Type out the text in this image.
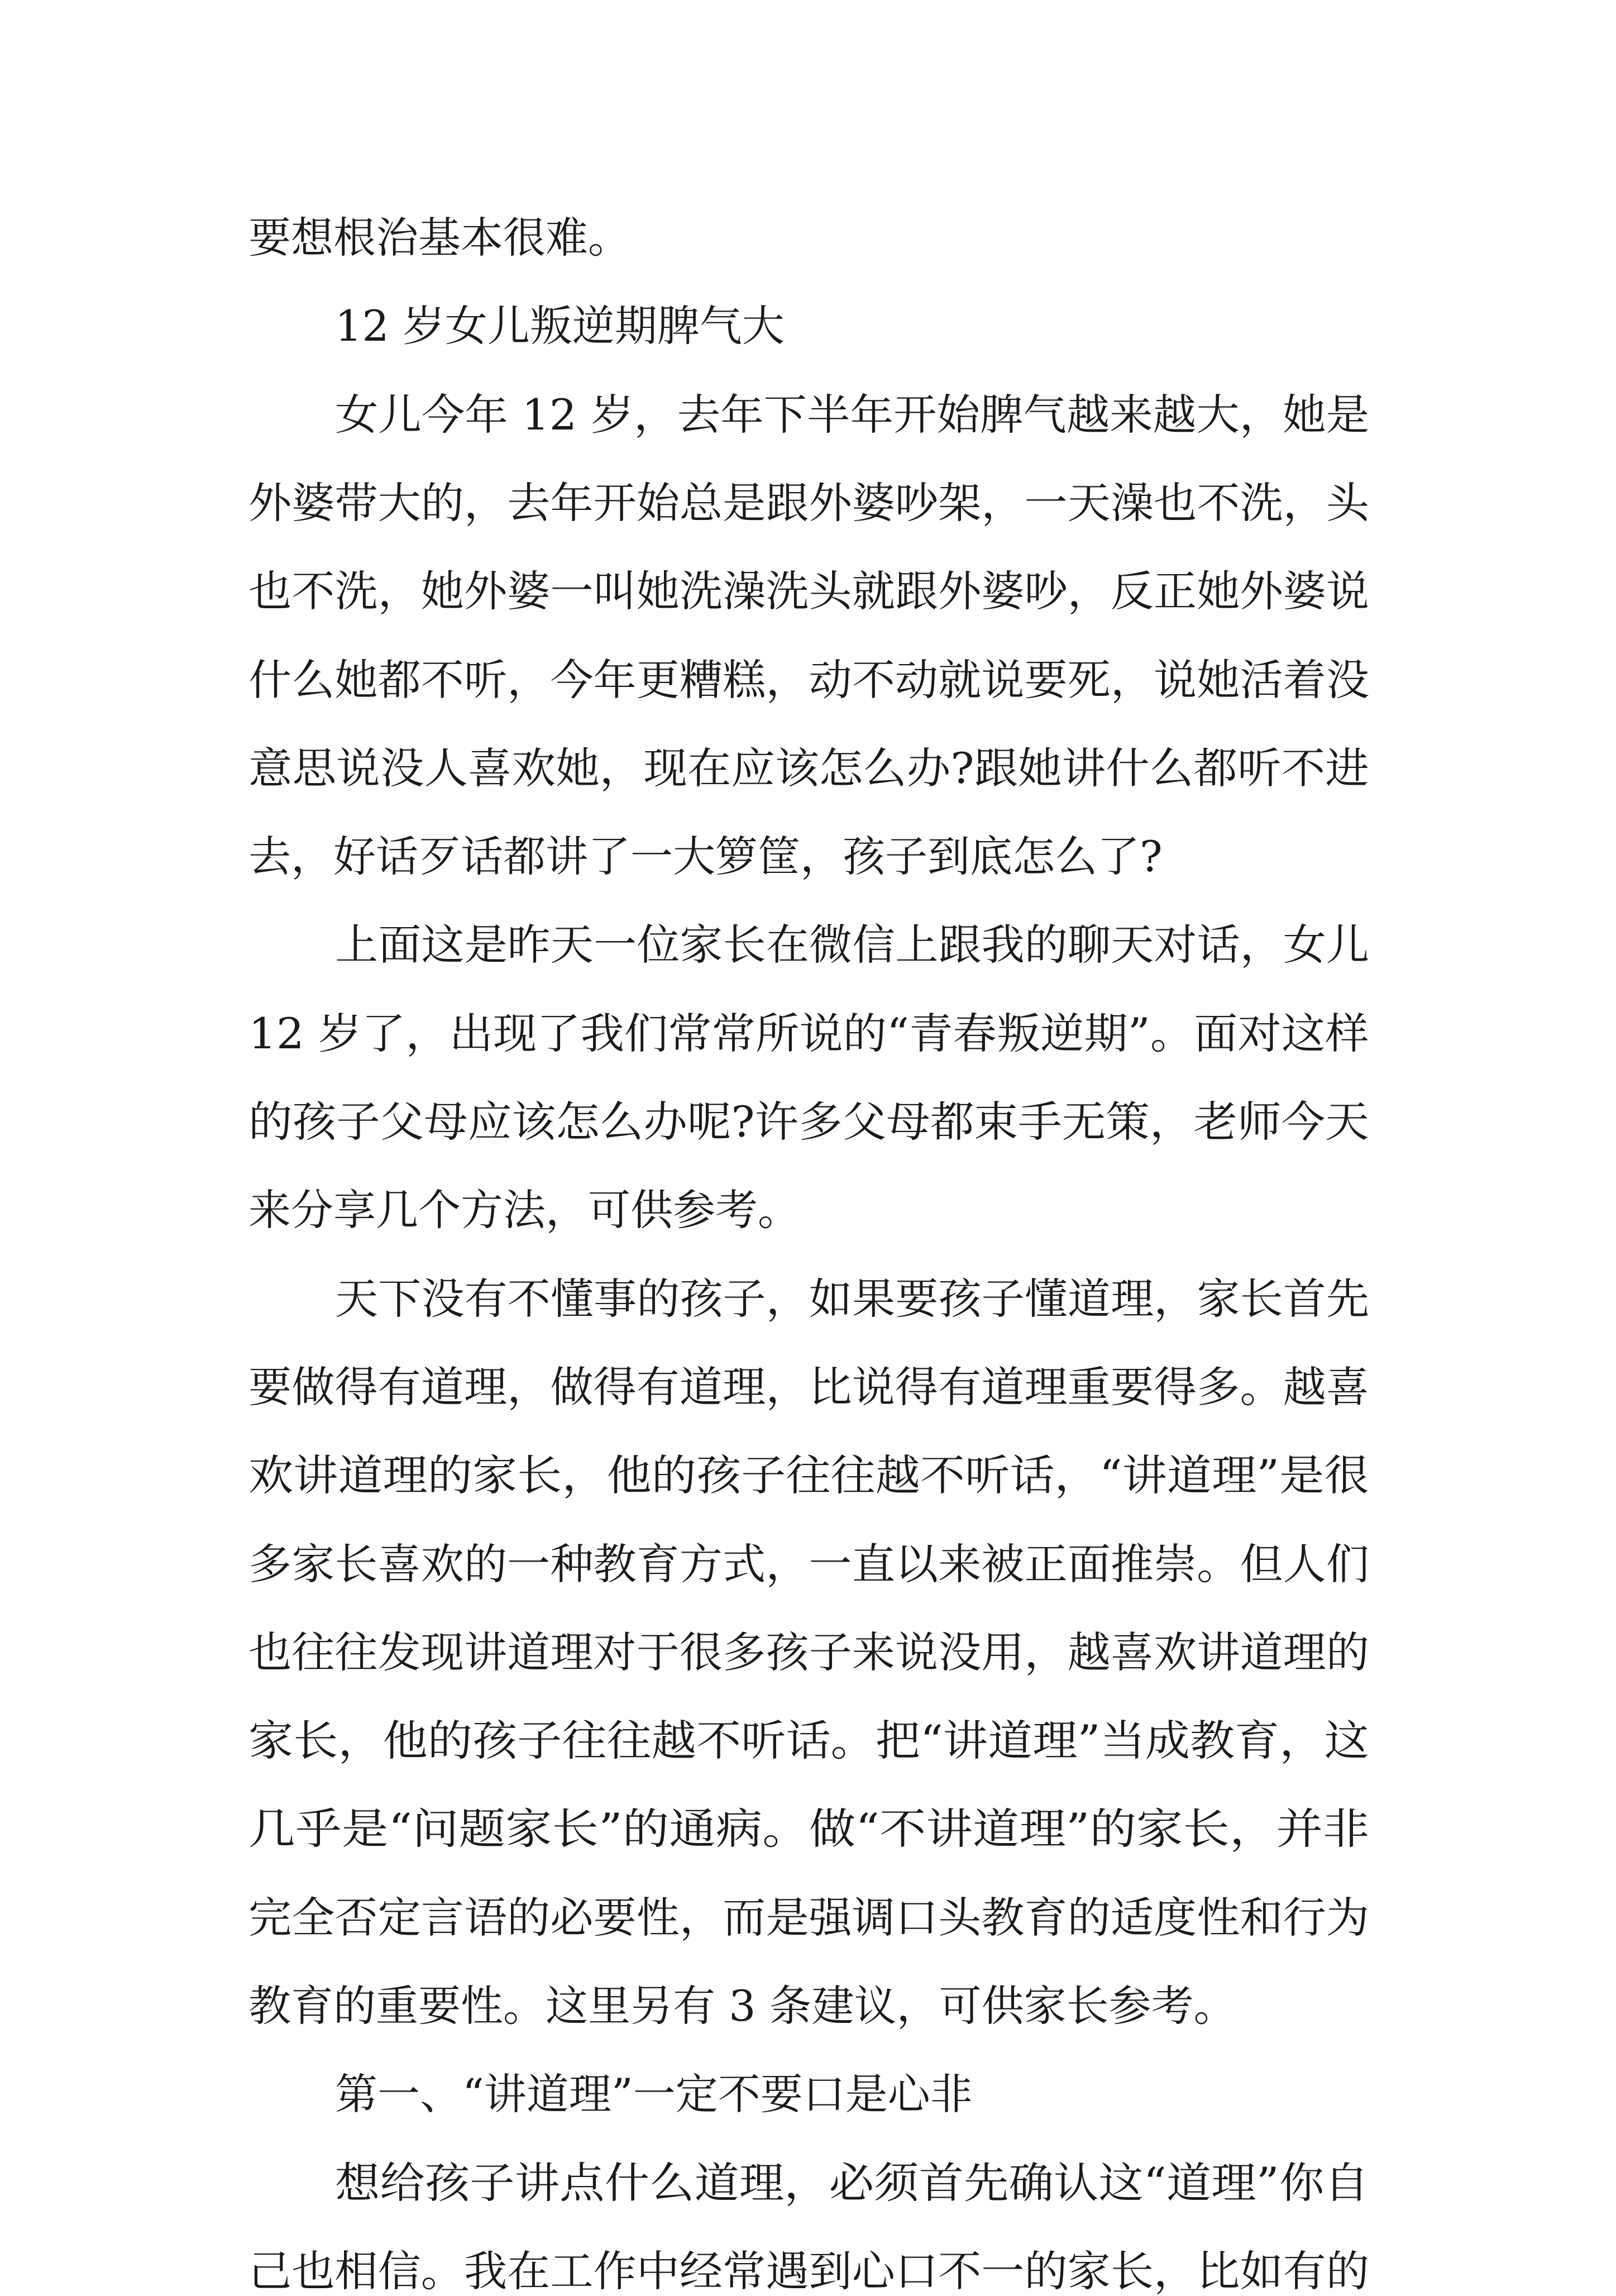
要想根治基本很难。

12 岁女儿叛逆期脾气大

女儿今年 12 岁，去年下半年开始脾气越来越大，她是

外婆带大的，去年开始总是跟外婆吵架，一天澡也不洗，头

也不洗，她外婆一叫她洗澡洗头就跟外婆吵，反正她外婆说

什么她都不听，今年更糟糕，动不动就说要死，说她活着没

意思说没人喜欢她，现在应该怎么办?跟她讲什么都听不进

去，好话歹话都讲了一大箩筐，孩子到底怎么了?

上面这是昨天一位家长在微信上跟我的聊天对话，女儿

12 岁了，出现了我们常常所说的“青春叛逆期”。面对这样

的孩子父母应该怎么办呢?许多父母都束手无策，老师今天

来分享几个方法，可供参考。

天下没有不懂事的孩子，如果要孩子懂道理，家长首先

要做得有道理，做得有道理，比说得有道理重要得多。越喜

欢讲道理的家长，他的孩子往往越不听话，“讲道理”是很

多家长喜欢的一种教育方式，一直以来被正面推崇。但人们

也往往发现讲道理对于很多孩子来说没用，越喜欢讲道理的

家长，他的孩子往往越不听话。把“讲道理”当成教育，这

几乎是“问题家长”的通病。做“不讲道理”的家长，并非

完全否定言语的必要性，而是强调口头教育的适度性和行为

教育的重要性。这里另有 3 条建议，可供家长参考。

第一、“讲道理”一定不要口是心非

想给孩子讲点什么道理，必须首先确认这“道理”你自

己也相信。我在工作中经常遇到心口不一的家长，比如有的
